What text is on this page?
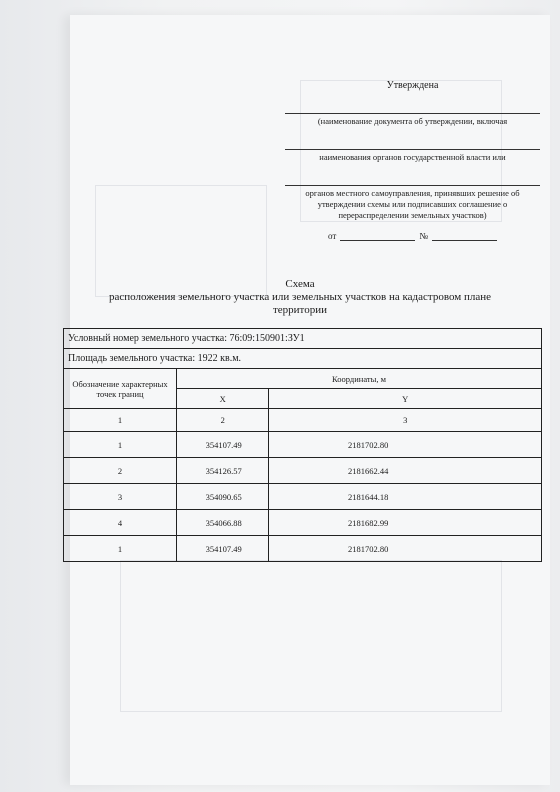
Утверждена
(наименование документа об утверждении, включая
наименования органов государственной власти или
органов местного самоуправления, принявших решение об утверждении схемы или подписавших соглашение о перераспределении земельных участков)
от	№
Схема
расположения земельного участка или земельных участков на кадастровом плане
территории
Условный номер земельного участка: 76:09:150901:ЗУ1		
Площадь земельного участка: 1922 кв.м.		
Обозначение характерных точек границ	Координаты, м	
	X	Y
1	2	3
1	354107.49	2181702.80
2	354126.57	2181662.44
3	354090.65	2181644.18
4	354066.88	2181682.99
1	354107.49	2181702.80
